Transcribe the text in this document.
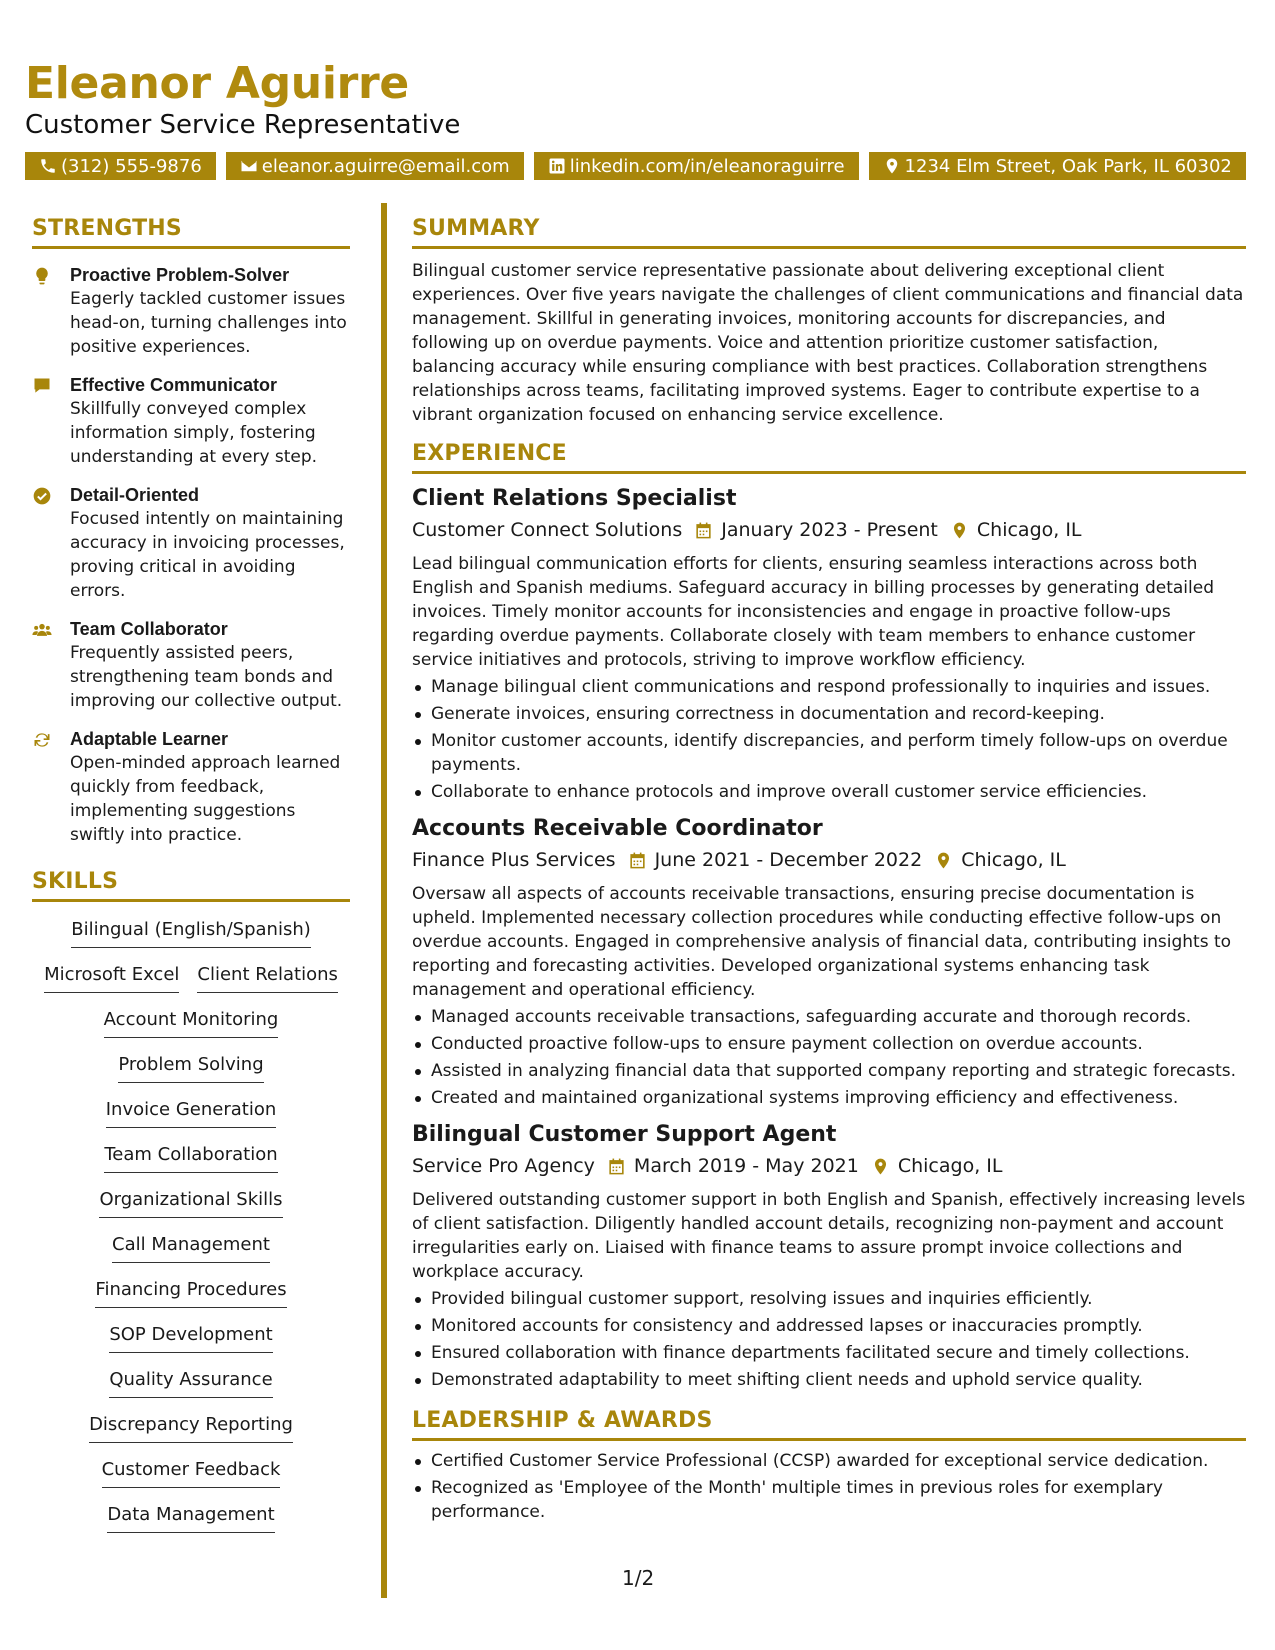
Eleanor Aguirre
Customer Service Representative
(312) 555-9876	eleanor.aguirre@email.com	linkedin.com/in/eleanoraguirre	1234 Elm Street, Oak Park, IL 60302
STRENGTHS
Proactive Problem-Solver
Eagerly tackled customer issues head-on, turning challenges into positive experiences.
Effective Communicator
Skillfully conveyed complex information simply, fostering understanding at every step.
Detail-Oriented
Focused intently on maintaining accuracy in invoicing processes, proving critical in avoiding errors.
Team Collaborator
Frequently assisted peers, strengthening team bonds and improving our collective output.
Adaptable Learner
Open-minded approach learned quickly from feedback, implementing suggestions swiftly into practice.
SKILLS
Bilingual (English/Spanish)
Microsoft Excel Client Relations
Account Monitoring
Problem Solving
Invoice Generation
Team Collaboration
Organizational Skills
Call Management
Financing Procedures
SOP Development
Quality Assurance
Discrepancy Reporting
Customer Feedback
Data Management
SUMMARY
Bilingual customer service representative passionate about delivering exceptional client experiences. Over five years navigate the challenges of client communications and financial data management. Skillful in generating invoices, monitoring accounts for discrepancies, and following up on overdue payments. Voice and attention prioritize customer satisfaction, balancing accuracy while ensuring compliance with best practices. Collaboration strengthens relationships across teams, facilitating improved systems. Eager to contribute expertise to a vibrant organization focused on enhancing service excellence.
EXPERIENCE
Client Relations Specialist
Customer Connect Solutions January 2023 - Present Chicago, IL
Lead bilingual communication efforts for clients, ensuring seamless interactions across both English and Spanish mediums. Safeguard accuracy in billing processes by generating detailed invoices. Timely monitor accounts for inconsistencies and engage in proactive follow-ups regarding overdue payments. Collaborate closely with team members to enhance customer service initiatives and protocols, striving to improve workflow efficiency.
Manage bilingual client communications and respond professionally to inquiries and issues.
Generate invoices, ensuring correctness in documentation and record-keeping.
Monitor customer accounts, identify discrepancies, and perform timely follow-ups on overdue payments.
Collaborate to enhance protocols and improve overall customer service efficiencies.
Accounts Receivable Coordinator
Finance Plus Services June 2021 - December 2022 Chicago, IL
Oversaw all aspects of accounts receivable transactions, ensuring precise documentation is upheld. Implemented necessary collection procedures while conducting effective follow-ups on overdue accounts. Engaged in comprehensive analysis of financial data, contributing insights to reporting and forecasting activities. Developed organizational systems enhancing task management and operational efficiency.
Managed accounts receivable transactions, safeguarding accurate and thorough records.
Conducted proactive follow-ups to ensure payment collection on overdue accounts.
Assisted in analyzing financial data that supported company reporting and strategic forecasts.
Created and maintained organizational systems improving efficiency and effectiveness.
Bilingual Customer Support Agent
Service Pro Agency March 2019 - May 2021 Chicago, IL
Delivered outstanding customer support in both English and Spanish, effectively increasing levels of client satisfaction. Diligently handled account details, recognizing non-payment and account irregularities early on. Liaised with finance teams to assure prompt invoice collections and workplace accuracy.
Provided bilingual customer support, resolving issues and inquiries efficiently.
Monitored accounts for consistency and addressed lapses or inaccuracies promptly.
Ensured collaboration with finance departments facilitated secure and timely collections.
Demonstrated adaptability to meet shifting client needs and uphold service quality.
LEADERSHIP & AWARDS
Certified Customer Service Professional (CCSP) awarded for exceptional service dedication.
Recognized as 'Employee of the Month' multiple times in previous roles for exemplary performance.
1/2
